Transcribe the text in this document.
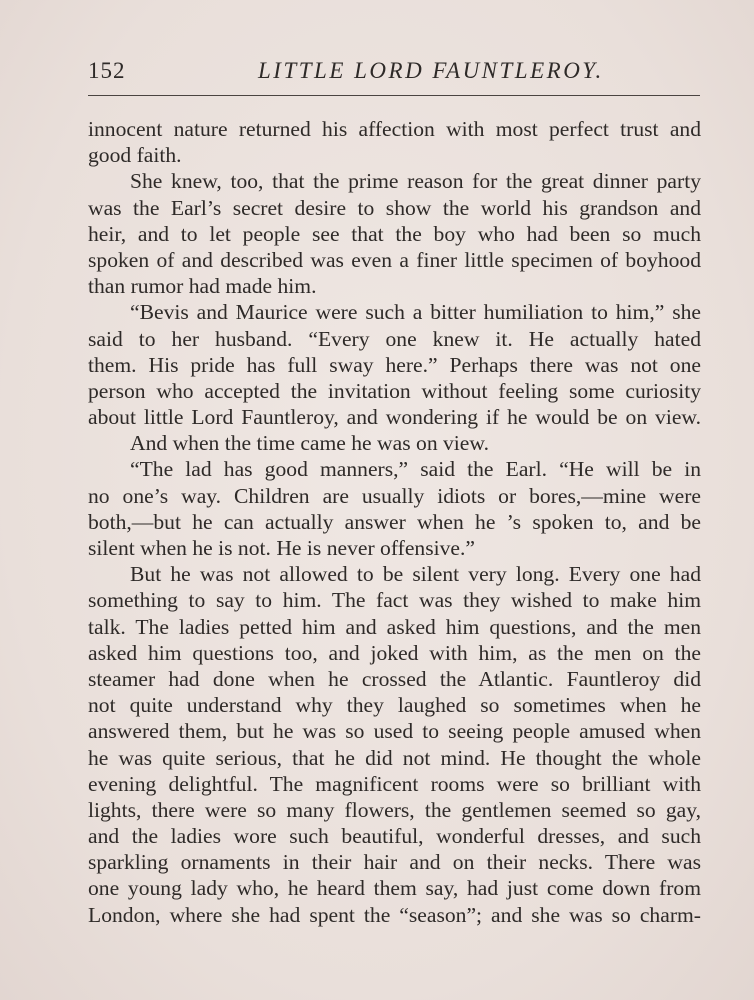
152	LITTLE LORD FAUNTLEROY.
innocent nature returned his affection with most perfect trust and
good faith.
She knew, too, that the prime reason for the great dinner party
was the Earl’s secret desire to show the world his grandson and
heir, and to let people see that the boy who had been so much
spoken of and described was even a finer little specimen of boyhood
than rumor had made him.
“Bevis and Maurice were such a bitter humiliation to him,” she
said to her husband. “Every one knew it. He actually hated
them. His pride has full sway here.” Perhaps there was not one
person who accepted the invitation without feeling some curiosity
about little Lord Fauntleroy, and wondering if he would be on view.
And when the time came he was on view.
“The lad has good manners,” said the Earl. “He will be in
no one’s way. Children are usually idiots or bores,—mine were
both,—but he can actually answer when he ’s spoken to, and be
silent when he is not. He is never offensive.”
But he was not allowed to be silent very long. Every one had
something to say to him. The fact was they wished to make him
talk. The ladies petted him and asked him questions, and the men
asked him questions too, and joked with him, as the men on the
steamer had done when he crossed the Atlantic. Fauntleroy did
not quite understand why they laughed so sometimes when he
answered them, but he was so used to seeing people amused when
he was quite serious, that he did not mind. He thought the whole
evening delightful. The magnificent rooms were so brilliant with
lights, there were so many flowers, the gentlemen seemed so gay,
and the ladies wore such beautiful, wonderful dresses, and such
sparkling ornaments in their hair and on their necks. There was
one young lady who, he heard them say, had just come down from
London, where she had spent the “season”; and she was so charm-
